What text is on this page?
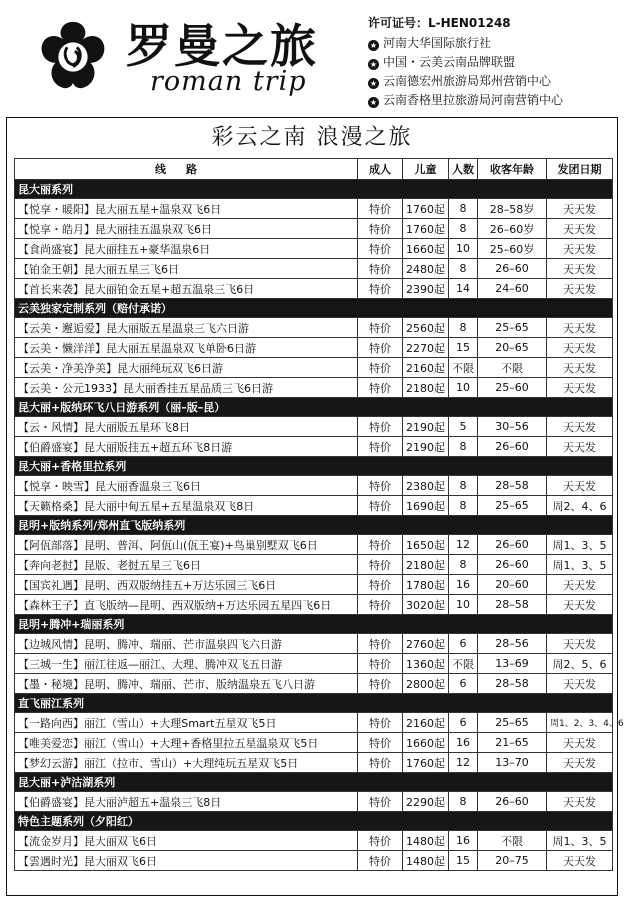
罗曼之旅
roman trip
许可证号：L-HEN01248
★ 河南大华国际旅行社
★ 中国・云美云南品牌联盟
★ 云南德宏州旅游局郑州营销中心
★ 云南香格里拉旅游局河南营销中心
彩云之南 浪漫之旅
线路	成人	儿童	人数	收客年龄	发团日期
昆大丽系列					
【悦享・暖阳】昆大丽五星+温泉双飞6日	特价	1760起	8	28–58岁	天天发
【悦享・皓月】昆大丽挂五温泉双飞6日	特价	1760起	8	26–60岁	天天发
【食尚盛宴】昆大丽挂五+豪华温泉6日	特价	1660起	10	25–60岁	天天发
【铂金王朝】昆大丽五星三飞6日	特价	2480起	8	26–60	天天发
【首长来袭】昆大丽铂金五星+超五温泉三飞6日	特价	2390起	14	24–60	天天发
云美独家定制系列（赔付承诺）					
【云美・邂逅爱】昆大丽版五星温泉三飞六日游	特价	2560起	8	25–65	天天发
【云美・懒洋洋】昆大丽五星温泉双飞单卧6日游	特价	2270起	15	20–65	天天发
【云美・净美净美】昆大丽纯玩双飞6日游	特价	2160起	不限	不限	天天发
【云美・公元1933】昆大丽香挂五星品质三飞6日游	特价	2180起	10	25–60	天天发
昆大丽+版纳环飞八日游系列（丽–版–昆）					
【云・风情】昆大丽版五星环飞8日	特价	2190起	5	30–56	天天发
【伯爵盛宴】昆大丽版挂五+超五环飞8日游	特价	2190起	8	26–60	天天发
昆大丽+香格里拉系列					
【悦享・映雪】昆大丽香温泉三飞6日	特价	2380起	8	28–58	天天发
【天籁格桑】昆大丽中甸五星+五星温泉双飞8日	特价	1690起	8	25–65	周2、4、6
昆明+版纳系列/郑州直飞版纳系列					
【阿佤部落】昆明、普洱、阿佤山(佤王宴)+鸟巢别墅双飞6日	特价	1650起	12	26–60	周1、3、5
【奔向老挝】昆版、老挝五星三飞6日	特价	2180起	8	26–60	周1、3、5
【国宾礼遇】昆明、西双版纳挂五+万达乐园三飞6日	特价	1780起	16	20–60	天天发
【森林王子】直飞版纳—昆明、西双版纳+万达乐园五星四飞6日	特价	3020起	10	28–58	天天发
昆明+腾冲+瑞丽系列					
【边城风情】昆明、腾冲、瑞丽、芒市温泉四飞六日游	特价	2760起	6	28–56	天天发
【三城一生】丽江往返—丽江、大理、腾冲双飞五日游	特价	1360起	不限	13–69	周2、5、6
【墨・秘境】昆明、腾冲、瑞丽、芒市、版纳温泉五飞八日游	特价	2800起	6	28–58	天天发
直飞丽江系列					
【一路向西】丽江（雪山）+大理Smart五星双飞5日	特价	2160起	6	25–65	周1、2、3、4、6
【唯美爱恋】丽江（雪山）+大理+香格里拉五星温泉双飞5日	特价	1660起	16	21–65	天天发
【梦幻云游】丽江（拉市、雪山）+大理纯玩五星双飞5日	特价	1760起	12	13–70	天天发
昆大丽+泸沽湖系列					
【伯爵盛宴】昆大丽泸超五+温泉三飞8日	特价	2290起	8	26–60	天天发
特色主题系列（夕阳红）					
【流金岁月】昆大丽双飞6日	特价	1480起	16	不限	周1、3、5
【雲遇时光】昆大丽双飞6日	特价	1480起	15	20–75	天天发
